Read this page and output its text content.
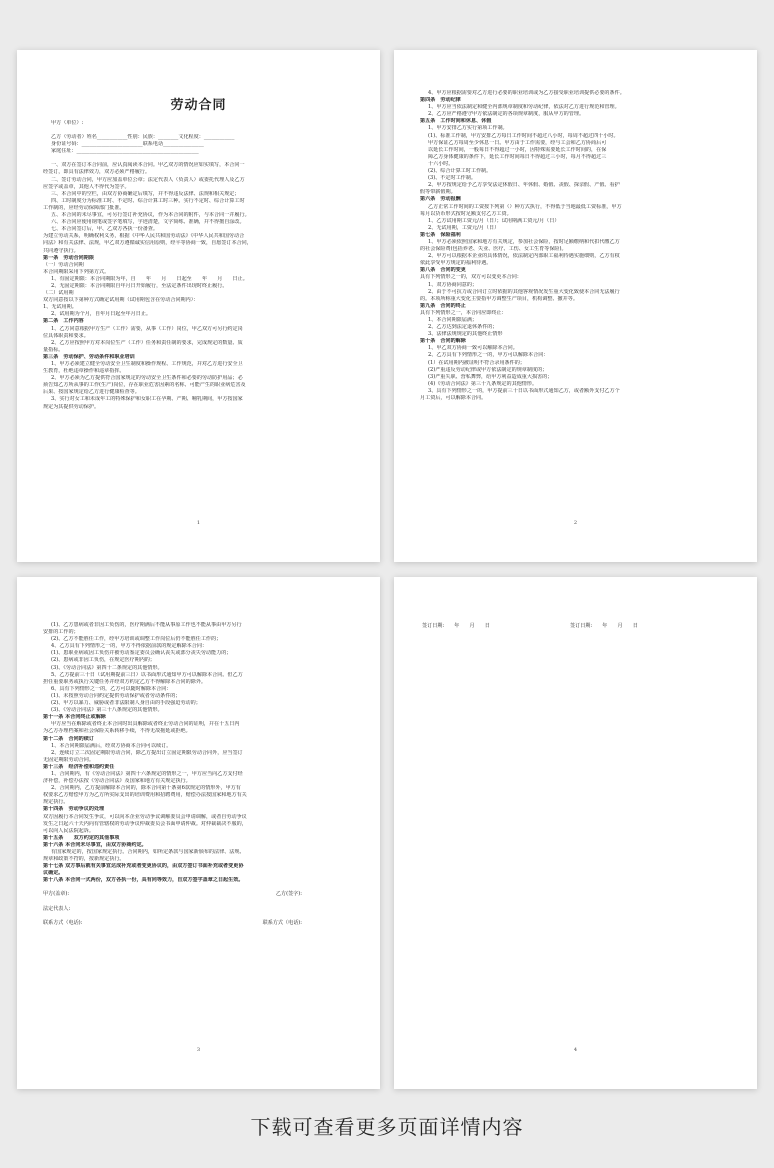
劳动合同
甲方（单位）:
乙方（劳动者）姓名____________性别：民族：________文化程度：____________
身份证号码：________________________联系电话________________
家庭住址：________________________________________________
一、双方在签订本合同前，应认真阅读本合同。甲乙双方的情况应如实填写，本合同一
经签订，即具有法律效力，双方必须严格履行。
二、签订劳动合同，甲方应加盖单位公章；法定代表人（负责人）或委托代理人及乙方
应签字或盖章，其他人不得代为签字。
三、本合同中的空栏，由双方协商确定后填写，并不得违反法律、法规和相关规定；
四、工时制度分为标准工时、不定时、综合计算工时三种。实行不定时、综合计算工时
工作制的，应经劳动保障部门批准。
五、本合同的未尽事宜，可另行签订补充协议，作为本合同的附件，与本合同一并履行。
六、本合同应使用钢笔或签字笔填写，字迹清楚，文字简练、准确，并不得擅自涂改。
七、本合同签订后，甲、乙双方各执一份备查。
为建立劳动关系，明确权利义务，根据《中华人民共和国劳动法》《中华人民共和国劳动合
同法》和有关法律、法规，甲乙双方遵循诚实信用原则，经平等协商一致，自愿签订本合同，
共同遵守执行。
第一条　劳动合同期限
（一）劳动合同期
本合同期限采用下列第方式。
1、有固定期限：本合同期限为年，自　　年　　月　　日起至　　年　　月　　日止。
2、无固定期限：本合同期限自年月日开始履行，至法定条件出现时终止履行。
（二）试用期
双方同意按以下第种方式确定试用期（试用期包含在劳动合同期内）：
1、无试用期。
2、试用期为个月，自年月日起至年月日止。
第二条　工作内容
1、乙方同意根据甲方生产（工作）需要，从事（工作）岗位，甲乙双方可另行约定岗
位具体职责和要求。
2、乙方应按照甲方对本岗位生产（工作）任务和责任制的要求，完成规定的数量、质
量指标。
第三条　劳动保护、劳动条件和职业培训
1、甲方必须建立健全劳动安全卫生制度和操作规程、工作规范，并对乙方进行安全卫
生教育，杜绝违章操作和违章指挥。
2、甲方必须为乙方提供符合国家规定的劳动安全卫生条件和必要的劳动防护用品；必
须告知乙方所从事的工作(生产)岗位，存在职业危害因素的名称、可能产生的职业病危害及
后果、按国家规定给乙方进行健康检查等。
3、实行对女工和未成年工的特殊保护和女职工在孕期、产期、哺乳期间，甲方按国家
规定为其提供劳动保护。
1
4、甲方应根据需要对乙方进行必要的职业培训或为乙方接受职业培训提供必要的条件。
第四条　劳动纪律
1、甲方应当依法制定和健全内部规章制度和劳动纪律，依法对乙方进行规范和管理。
2、乙方应严格遵守甲方依法制定的各项规章制度，服从甲方的管理。
第五条　工作时间和休息、休假
1、甲方安排乙方实行第项工作制。
(1)、标准工作制，甲方安排乙方每日工作时间不超过八小时，每周不超过四十小时。
甲方保证乙方每周至少休息一日。甲方由于工作需要，经与工会和乙方协商后可
以延长工作时间，一般每日不得超过一小时，因特殊需要延长工作时间的，在保
障乙方身体健康的条件下，延长工作时间每日不得超过三小时，每月不得超过三
十六小时。
(2)、综合计算工时工作制。
(3)、不定时工作制。
2、甲方按规定给予乙方享受法定休假日、年休假、婚假、丧假、探亲假、产假、看护
假等带薪假期。
第六条　劳动报酬
乙方正常工作时间的工资按下列第（）种方式执行，不得低于当地最低工资标准，甲方
每月以货币形式按时足额支付乙方工资。
1、乙方试用期工资元/月（日）；试用期满工资元/月（日）
2、无试用期，工资元/月（日）
第七条　保险福利
1、甲方必须依照国家和地方有关规定，参加社会保险，按时足额缴纳和代扣代缴乙方
的社会保险费(包括养老、失业、医疗、工伤、女工生育等保险)。
2、甲方可以根据本企业的具体情况，依法制定内部职工福利待遇实施细则，乙方有权
依此享受甲方规定的福利待遇。
第八条　合同的变更
具有下列情形之一的，双方可以变更本合同：
1、双方协商同意的；
2、由于不可抗力或合同订立时依据的其他客观情况发生重大变化致使本合同无法履行
的。本项所称重大变化主要指甲方调整生产项目，机构调整、撤并等。
第九条　合同的终止
具有下列情形之一，本合同应即终止：
1、本合同期限届满；
2、乙方达到法定退休条件的；
3、法律法规规定的其他终止情形
第十条　合同的解除
1、甲乙双方协商一致可以解除本合同。
2、乙方具有下列情形之一的，甲方可以解除本合同：
(1）在试用期内被证明不符合录用条件的；
(2)严重违反劳动纪律或甲方依法制定的规章制度的；
(3)严重失职、营私舞弊，给甲方利益造成重大损害的；
(4)《劳动合同法》第三十九条规定的其他情形。
3、具有下列情形之一的，甲方提前三十日以书面形式通知乙方，或者额外支付乙方个
月工资后，可以解除本合同。
2
(1)、乙方患病或者非因工负伤的，医疗期满后不能从事原工作也不能从事由甲方另行
安排的工作的；
(2)、乙方不能胜任工作，经甲方培训或调整工作岗位后仍不能胜任工作的；
4、乙方具有下列情形之一的，甲方不得依据前款的规定解除本合同：
(1)、患职业病或因工负伤并被劳动鉴定委员会确认丧失或部分丧失劳动能力的；
(2)、患病或非因工负伤，在规定医疗期内的；
(3)、《劳动合同法》第四十二条规定的其他情形。
5、乙方提前三十日（试用期提前三日）以书面形式通知甲方可以解除本合同。但乙方
担任重要职务或执行关键任务并经双方约定乙方不得解除本合同的除外。
6、具有下列情形之一的，乙方可以随时解除本合同：
(1)、未按照劳动合同约定提供劳动保护或者劳动条件的；
(2)、甲方以暴力、威胁或者非法限制人身自由的手段强迫劳动的；
(3)、《劳动合同法》第三十八条规定的其他情形。
第十一条 本合同终止或解除
甲方应当在解除或者终止本合同时出具解除或者终止劳动合同的证明，并在十五日内
为乙方办理档案和社会保险关系转移手续，不得无故拖延或拒绝。
第十二条　合同的续订
1、本合同期限届满后，经双方协商本合同可以续订。
2、连续订立二次固定期限劳动合同，除乙方提出订立固定期限劳动合同外，应当签订
无固定期限劳动合同。
第十三条　经济补偿和违约责任
1、合同期内，有《劳动合同法》第四十六条规定的情形之一，甲方应当向乙方支付经
济补偿，补偿办法按《劳动合同法》及国家和地方有关规定执行。
2、合同期内，乙方提前解除本合同的，除本合同第十条第6款规定的情形外，甲方有
权要求乙方赔偿甲方为乙方所实际支出的培训费用和招聘费用，赔偿办法按国家和地方有关
规定执行。
第十四条　劳动争议的处理
双方因履行本合同发生争议，可以向本企业劳动争议调解委员会申请调解，或者自劳动争议
发生之日起六十天内向有管辖权的劳动争议仲裁委员会书面申请仲裁。对仲裁裁决不服的，
可以向人民法院起诉。
第十五条　　双方约定的其他事项
第十六条 本合同未尽事宜，由双方协商约定。
有国家规定的，按国家规定执行。合同期内，如所定条款与国家新颁布的法律、法规、
规章和政策不符的，按新规定执行。
第十七条 双方事后就有关事宜达成补充或者变更协议的，由双方签订书面补充或者变更协
议确定。
第十八条 本合同一式两份，双方各执一份，具有同等效力，自双方签字盖章之日起生效。
甲方(盖章):	乙方(签字):
法定代表人:
联系方式（电话):	联系方式（电话):
3
签订日期:　　年　　月　　日	签订日期:　　年　　月　　日
4
下载可查看更多页面详情内容
